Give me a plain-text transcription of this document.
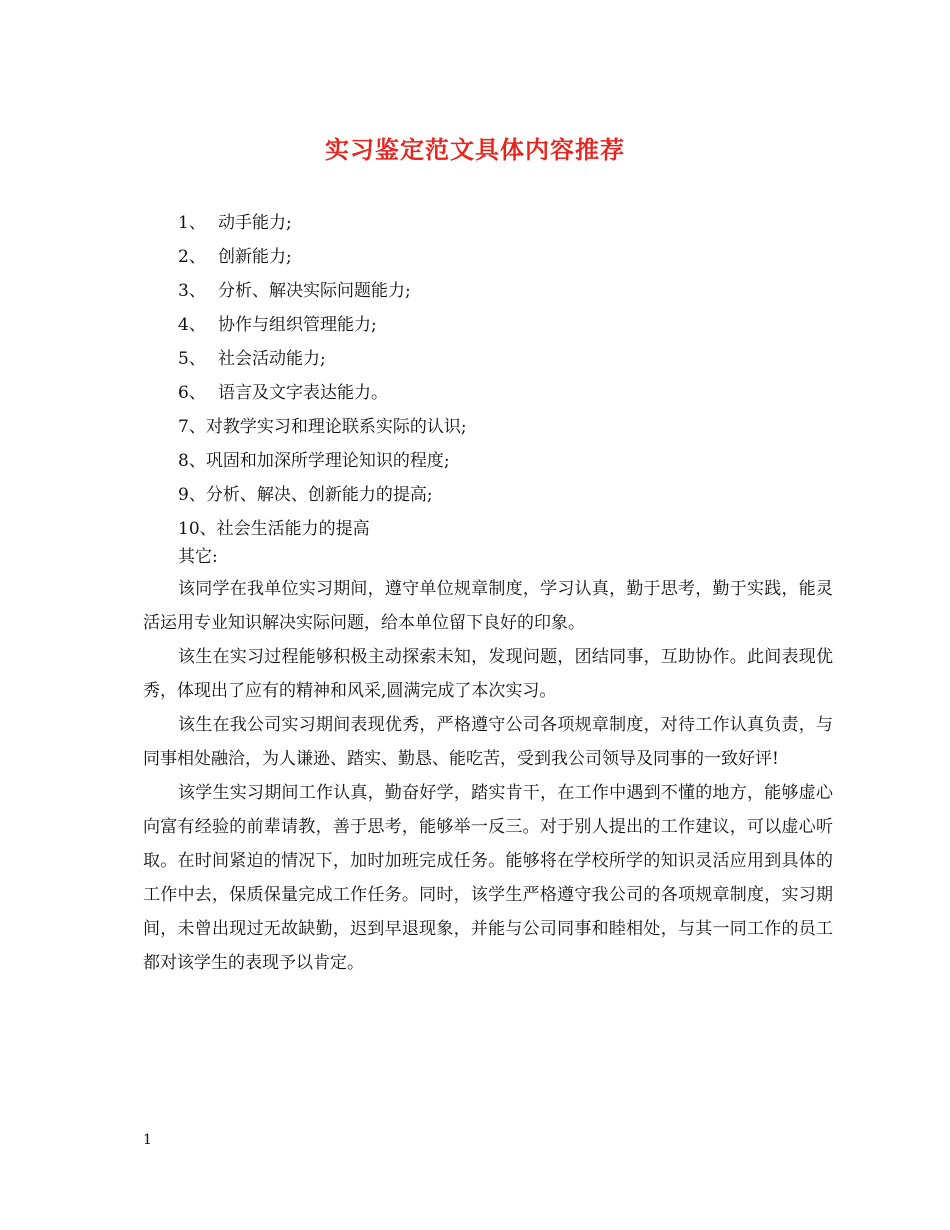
实习鉴定范文具体内容推荐
1、 动手能力;
2、 创新能力;
3、 分析、解决实际问题能力;
4、 协作与组织管理能力;
5、 社会活动能力;
6、 语言及文字表达能力。
7、对教学实习和理论联系实际的认识;
8、巩固和加深所学理论知识的程度;
9、分析、解决、创新能力的提高;
10、社会生活能力的提高
其它:

该同学在我单位实习期间，遵守单位规章制度，学习认真，勤于思考，勤于实践，能灵活运用专业知识解决实际问题，给本单位留下良好的印象。

该生在实习过程能够积极主动探索未知，发现问题，团结同事，互助协作。此间表现优秀，体现出了应有的精神和风采,圆满完成了本次实习。

该生在我公司实习期间表现优秀，严格遵守公司各项规章制度，对待工作认真负责，与同事相处融洽，为人谦逊、踏实、勤恳、能吃苦，受到我公司领导及同事的一致好评!

该学生实习期间工作认真，勤奋好学，踏实肯干，在工作中遇到不懂的地方，能够虚心向富有经验的前辈请教，善于思考，能够举一反三。对于别人提出的工作建议，可以虚心听取。在时间紧迫的情况下，加时加班完成任务。能够将在学校所学的知识灵活应用到具体的工作中去，保质保量完成工作任务。同时，该学生严格遵守我公司的各项规章制度，实习期间，未曾出现过无故缺勤，迟到早退现象，并能与公司同事和睦相处，与其一同工作的员工都对该学生的表现予以肯定。

1
